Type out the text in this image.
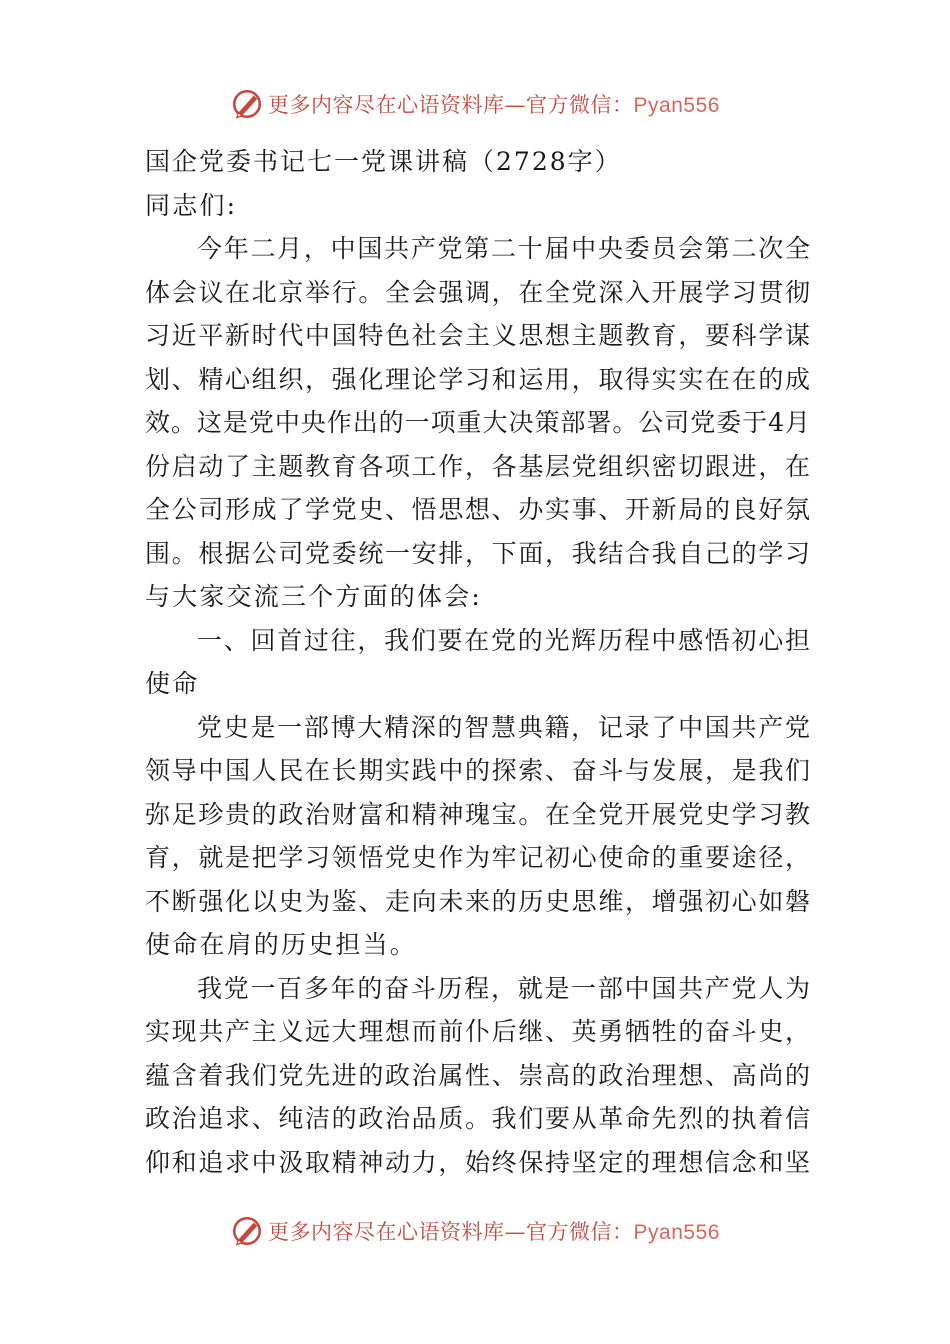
更多内容尽在心语资料库—官方微信：Pyan556
国企党委书记七一党课讲稿（2728字）
同志们:
今年二月，中国共产党第二十届中央委员会第二次全
体会议在北京举行。全会强调，在全党深入开展学习贯彻
习近平新时代中国特色社会主义思想主题教育，要科学谋
划、精心组织，强化理论学习和运用，取得实实在在的成
效。这是党中央作出的一项重大决策部署。公司党委于4月
份启动了主题教育各项工作，各基层党组织密切跟进，在
全公司形成了学党史、悟思想、办实事、开新局的良好氛
围。根据公司党委统一安排，下面，我结合我自己的学习
与大家交流三个方面的体会:
一、回首过往，我们要在党的光辉历程中感悟初心担
使命
党史是一部博大精深的智慧典籍，记录了中国共产党
领导中国人民在长期实践中的探索、奋斗与发展，是我们
弥足珍贵的政治财富和精神瑰宝。在全党开展党史学习教
育，就是把学习领悟党史作为牢记初心使命的重要途径，
不断强化以史为鉴、走向未来的历史思维，增强初心如磐
使命在肩的历史担当。
我党一百多年的奋斗历程，就是一部中国共产党人为
实现共产主义远大理想而前仆后继、英勇牺牲的奋斗史，
蕴含着我们党先进的政治属性、崇高的政治理想、高尚的
政治追求、纯洁的政治品质。我们要从革命先烈的执着信
仰和追求中汲取精神动力，始终保持坚定的理想信念和坚
更多内容尽在心语资料库—官方微信：Pyan556
